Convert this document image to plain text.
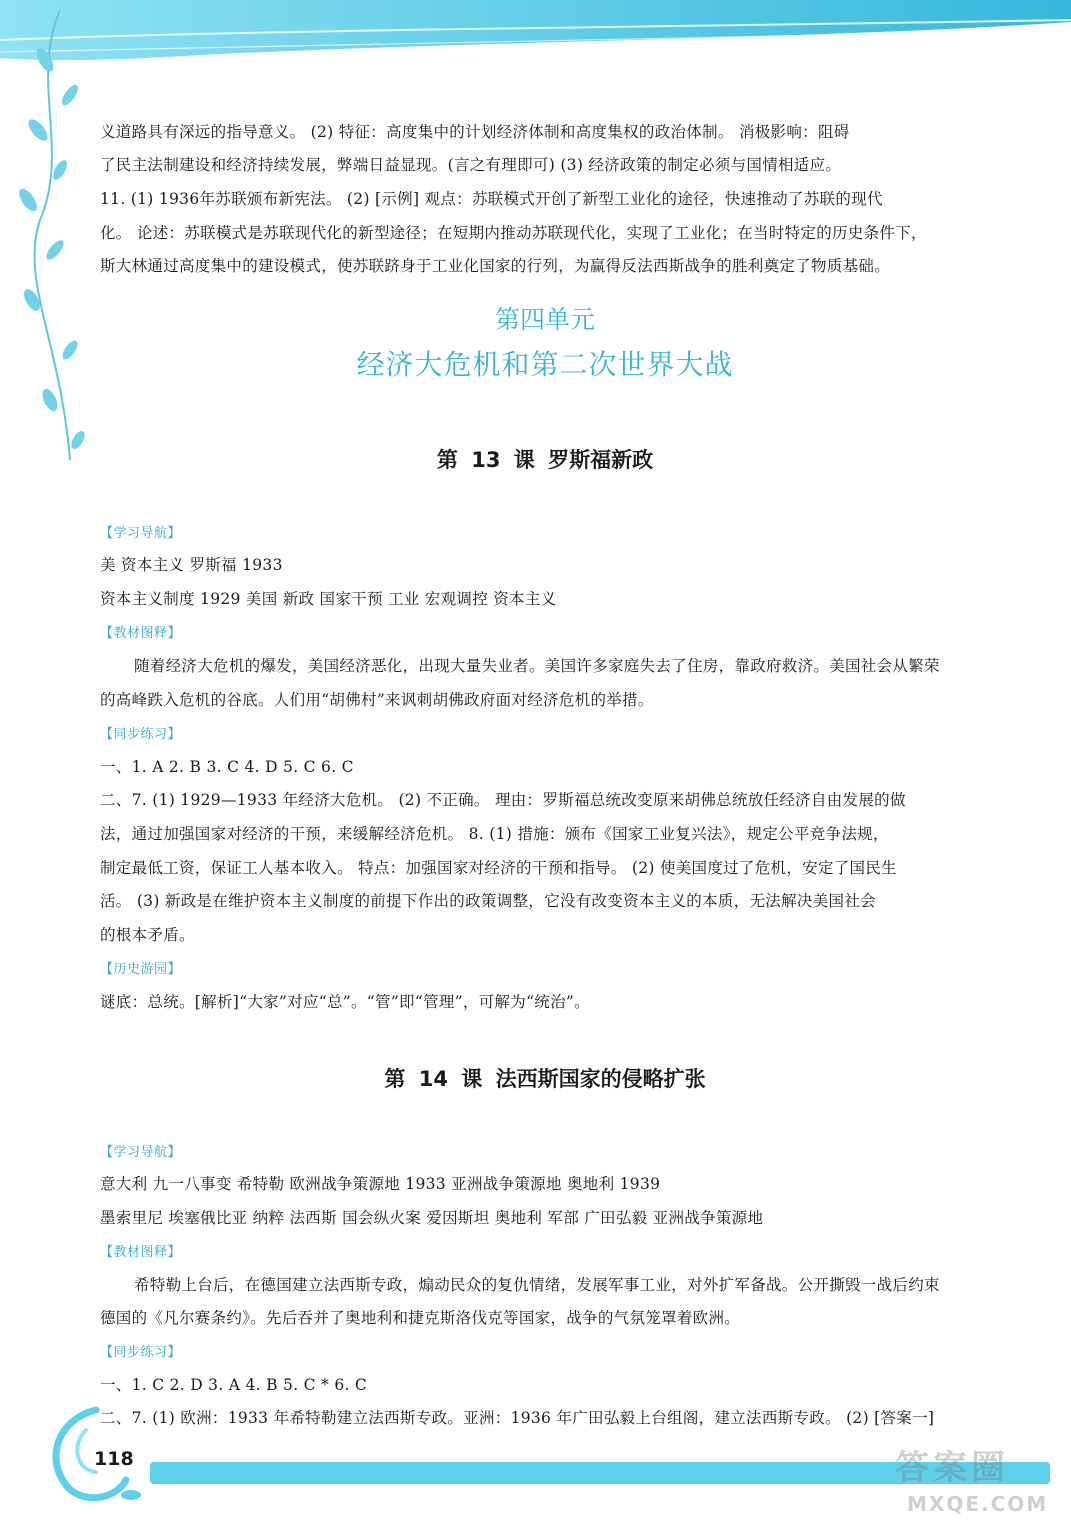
义道路具有深远的指导意义。 (2) 特征：高度集中的计划经济体制和高度集权的政治体制。 消极影响：阻碍
了民主法制建设和经济持续发展，弊端日益显现。(言之有理即可) (3) 经济政策的制定必须与国情相适应。
11. (1) 1936年苏联颁布新宪法。 (2) [示例] 观点：苏联模式开创了新型工业化的途径，快速推动了苏联的现代
化。 论述：苏联模式是苏联现代化的新型途径；在短期内推动苏联现代化，实现了工业化；在当时特定的历史条件下，
斯大林通过高度集中的建设模式，使苏联跻身于工业化国家的行列，为赢得反法西斯战争的胜利奠定了物质基础。
第四单元
经济大危机和第二次世界大战
第 13 课 罗斯福新政
【学习导航】
美 资本主义 罗斯福 1933
资本主义制度 1929 美国 新政 国家干预 工业 宏观调控 资本主义
【教材图释】
随着经济大危机的爆发，美国经济恶化，出现大量失业者。美国许多家庭失去了住房，靠政府救济。美国社会从繁荣
的高峰跌入危机的谷底。人们用“胡佛村”来讽刺胡佛政府面对经济危机的举措。
【同步练习】
一、1. A 2. B 3. C 4. D 5. C 6. C
二、7. (1) 1929—1933 年经济大危机。 (2) 不正确。 理由：罗斯福总统改变原来胡佛总统放任经济自由发展的做
法，通过加强国家对经济的干预，来缓解经济危机。 8. (1) 措施：颁布《国家工业复兴法》，规定公平竞争法规，
制定最低工资，保证工人基本收入。 特点：加强国家对经济的干预和指导。 (2) 使美国度过了危机，安定了国民生
活。 (3) 新政是在维护资本主义制度的前提下作出的政策调整，它没有改变资本主义的本质，无法解决美国社会
的根本矛盾。
【历史游园】
谜底：总统。[解析]“大家”对应“总”。“管”即“管理”，可解为“统治”。
第 14 课 法西斯国家的侵略扩张
【学习导航】
意大利 九一八事变 希特勒 欧洲战争策源地 1933 亚洲战争策源地 奥地利 1939
墨索里尼 埃塞俄比亚 纳粹 法西斯 国会纵火案 爱因斯坦 奥地利 军部 广田弘毅 亚洲战争策源地
【教材图释】
希特勒上台后，在德国建立法西斯专政，煽动民众的复仇情绪，发展军事工业，对外扩军备战。公开撕毁一战后约束
德国的《凡尔赛条约》。先后吞并了奥地利和捷克斯洛伐克等国家，战争的气氛笼罩着欧洲。
【同步练习】
一、1. C 2. D 3. A 4. B 5. C * 6. C
二、7. (1) 欧洲：1933 年希特勒建立法西斯专政。亚洲：1936 年广田弘毅上台组阁，建立法西斯专政。 (2) [答案一]
118	答案圈
MXQE.COM
